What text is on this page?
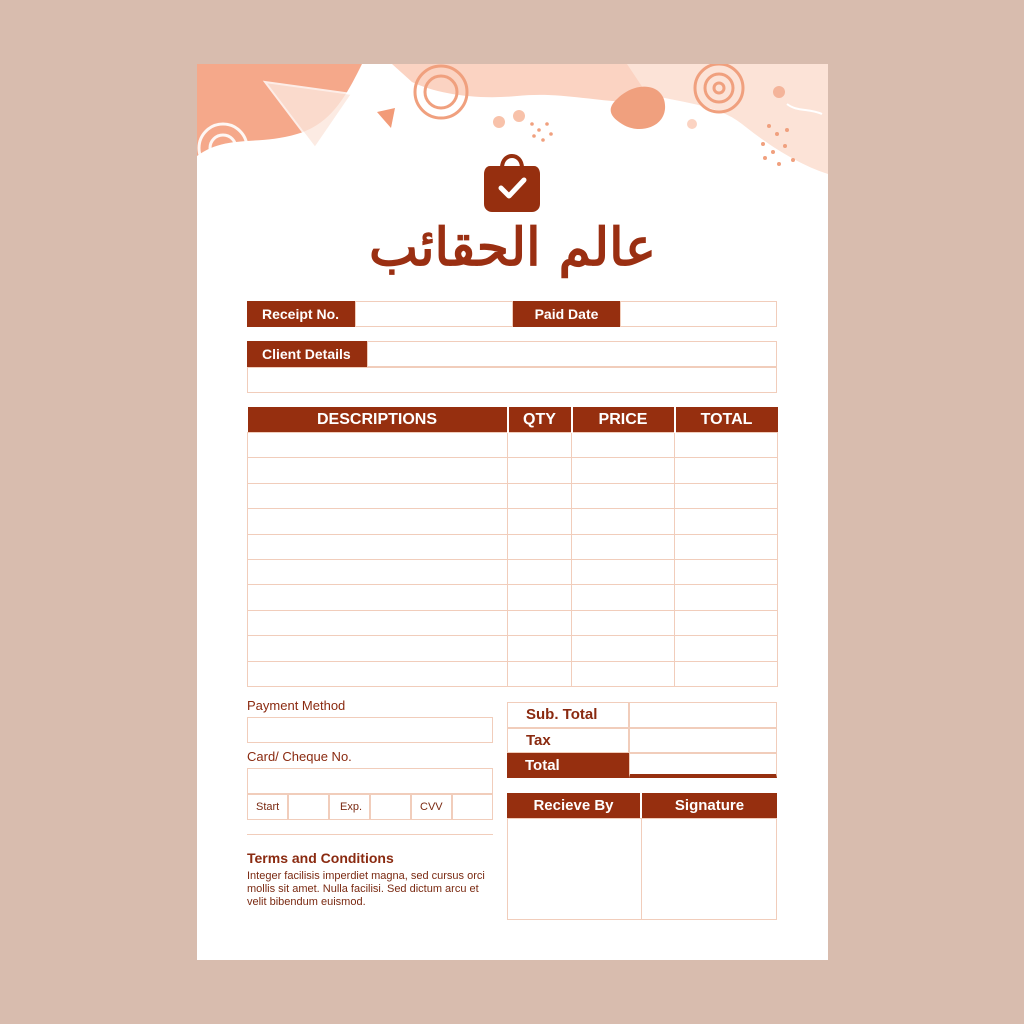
عالم الحقائب
Receipt No.	Paid Date
Client Details
DESCRIPTIONS	QTY	PRICE	TOTAL

Payment Method
Card/ Cheque No.
Start	Exp.	CVV
Sub. Total
Tax
Total
Recieve By	Signature
Terms and Conditions
Integer facilisis imperdiet magna, sed cursus orci mollis sit amet. Nulla facilisi. Sed dictum arcu et velit bibendum euismod.
